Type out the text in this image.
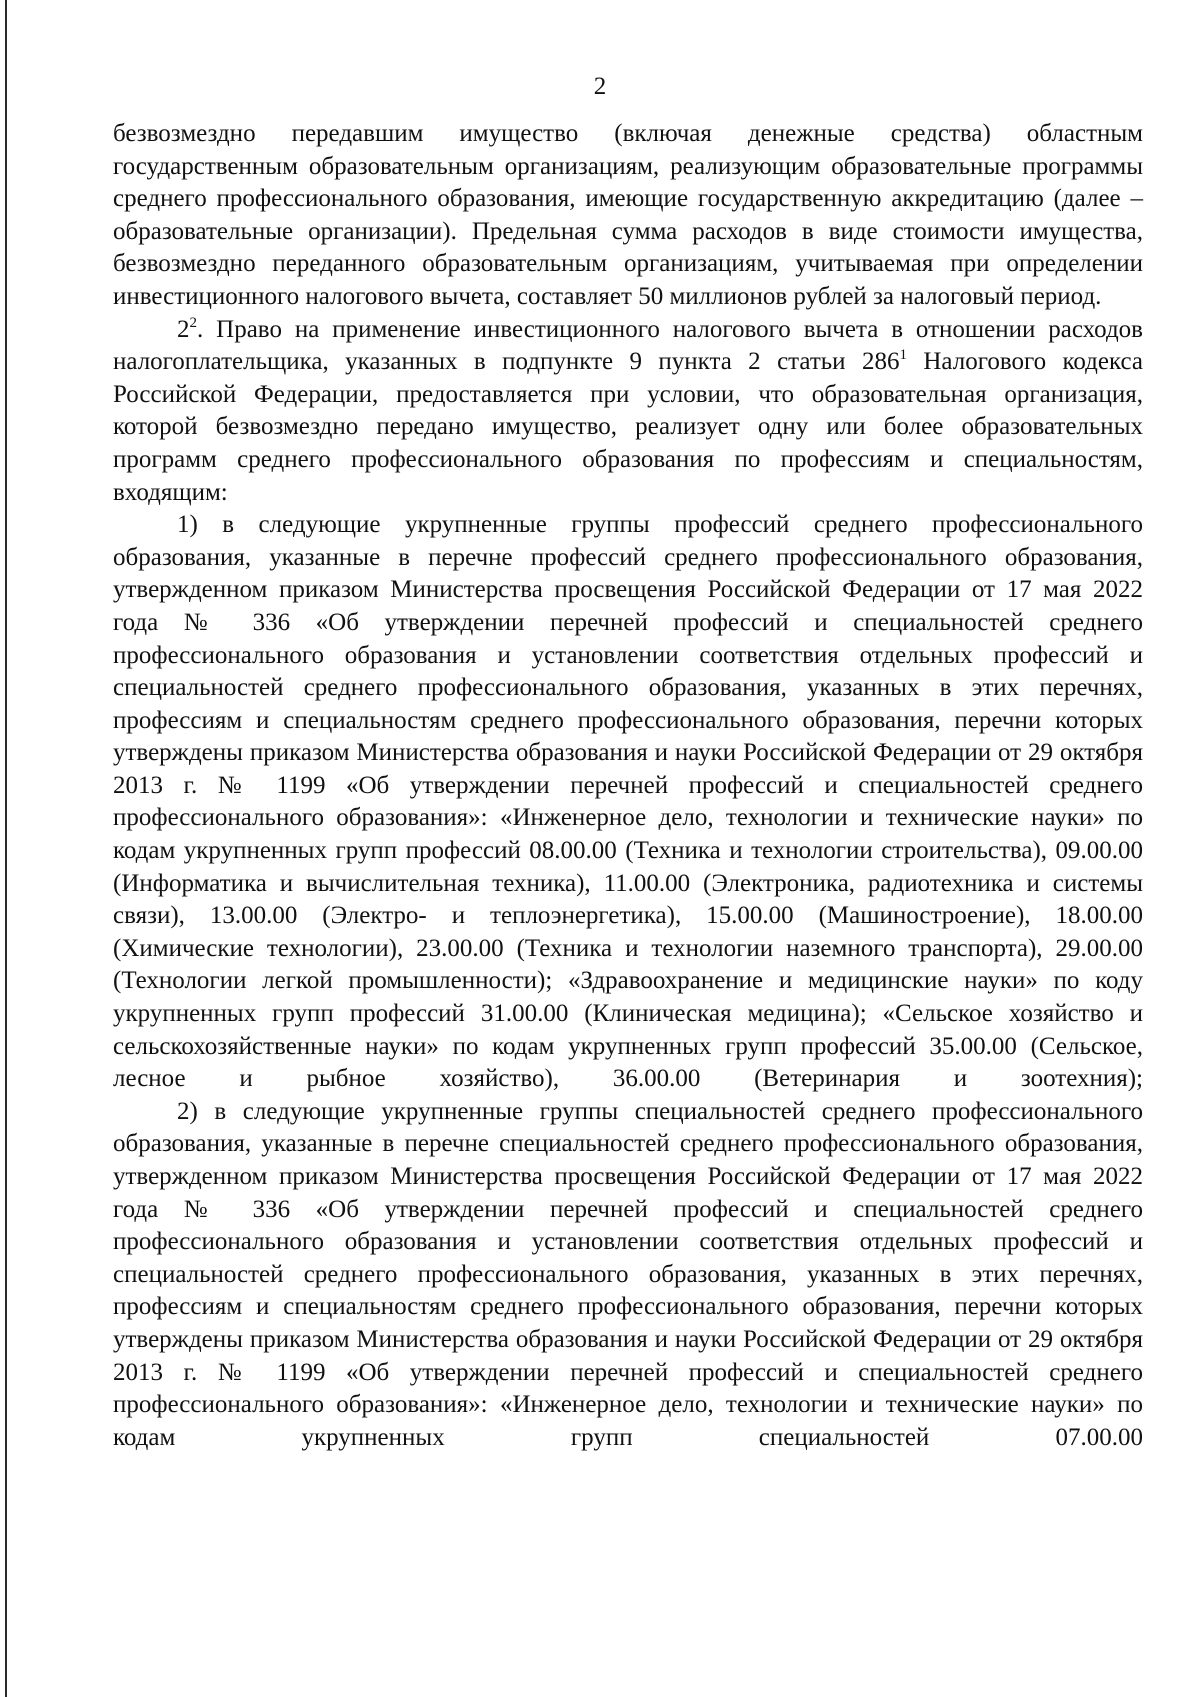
2

безвозмездно передавшим имущество (включая денежные средства) областным государственным образовательным организациям, реализующим образовательные программы среднего профессионального образования, имеющие государственную аккредитацию (далее – образовательные организации). Предельная сумма расходов в виде стоимости имущества, безвозмездно переданного образовательным организациям, учитываемая при определении инвестиционного налогового вычета, составляет 50 миллионов рублей за налоговый период.

$2^2$. Право на применение инвестиционного налогового вычета в отношении расходов налогоплательщика, указанных в подпункте 9 пункта 2 статьи $286^1$ Налогового кодекса Российской Федерации, предоставляется при условии, что образовательная организация, которой безвозмездно передано имущество, реализует одну или более образовательных программ среднего профессионального образования по профессиям и специальностям, входящим:

1) в следующие укрупненные группы профессий среднего профессионального образования, указанные в перечне профессий среднего профессионального образования, утвержденном приказом Министерства просвещения Российской Федерации от 17 мая 2022 года № 336 «Об утверждении перечней профессий и специальностей среднего профессионального образования и установлении соответствия отдельных профессий и специальностей среднего профессионального образования, указанных в этих перечнях, профессиям и специальностям среднего профессионального образования, перечни которых утверждены приказом Министерства образования и науки Российской Федерации от 29 октября 2013 г. № 1199 «Об утверждении перечней профессий и специальностей среднего профессионального образования»: «Инженерное дело, технологии и технические науки» по кодам укрупненных групп профессий 08.00.00 (Техника и технологии строительства), 09.00.00 (Информатика и вычислительная техника), 11.00.00 (Электроника, радиотехника и системы связи), 13.00.00 (Электро- и теплоэнергетика), 15.00.00 (Машиностроение), 18.00.00 (Химические технологии), 23.00.00 (Техника и технологии наземного транспорта), 29.00.00 (Технологии легкой промышленности); «Здравоохранение и медицинские науки» по коду укрупненных групп профессий 31.00.00 (Клиническая медицина); «Сельское хозяйство и сельскохозяйственные науки» по кодам укрупненных групп профессий 35.00.00 (Сельское, лесное и рыбное хозяйство), 36.00.00 (Ветеринария и зоотехния);

2) в следующие укрупненные группы специальностей среднего профессионального образования, указанные в перечне специальностей среднего профессионального образования, утвержденном приказом Министерства просвещения Российской Федерации от 17 мая 2022 года № 336 «Об утверждении перечней профессий и специальностей среднего профессионального образования и установлении соответствия отдельных профессий и специальностей среднего профессионального образования, указанных в этих перечнях, профессиям и специальностям среднего профессионального образования, перечни которых утверждены приказом Министерства образования и науки Российской Федерации от 29 октября 2013 г. № 1199 «Об утверждении перечней профессий и специальностей среднего профессионального образования»: «Инженерное дело, технологии и технические науки» по кодам укрупненных групп специальностей 07.00.00
